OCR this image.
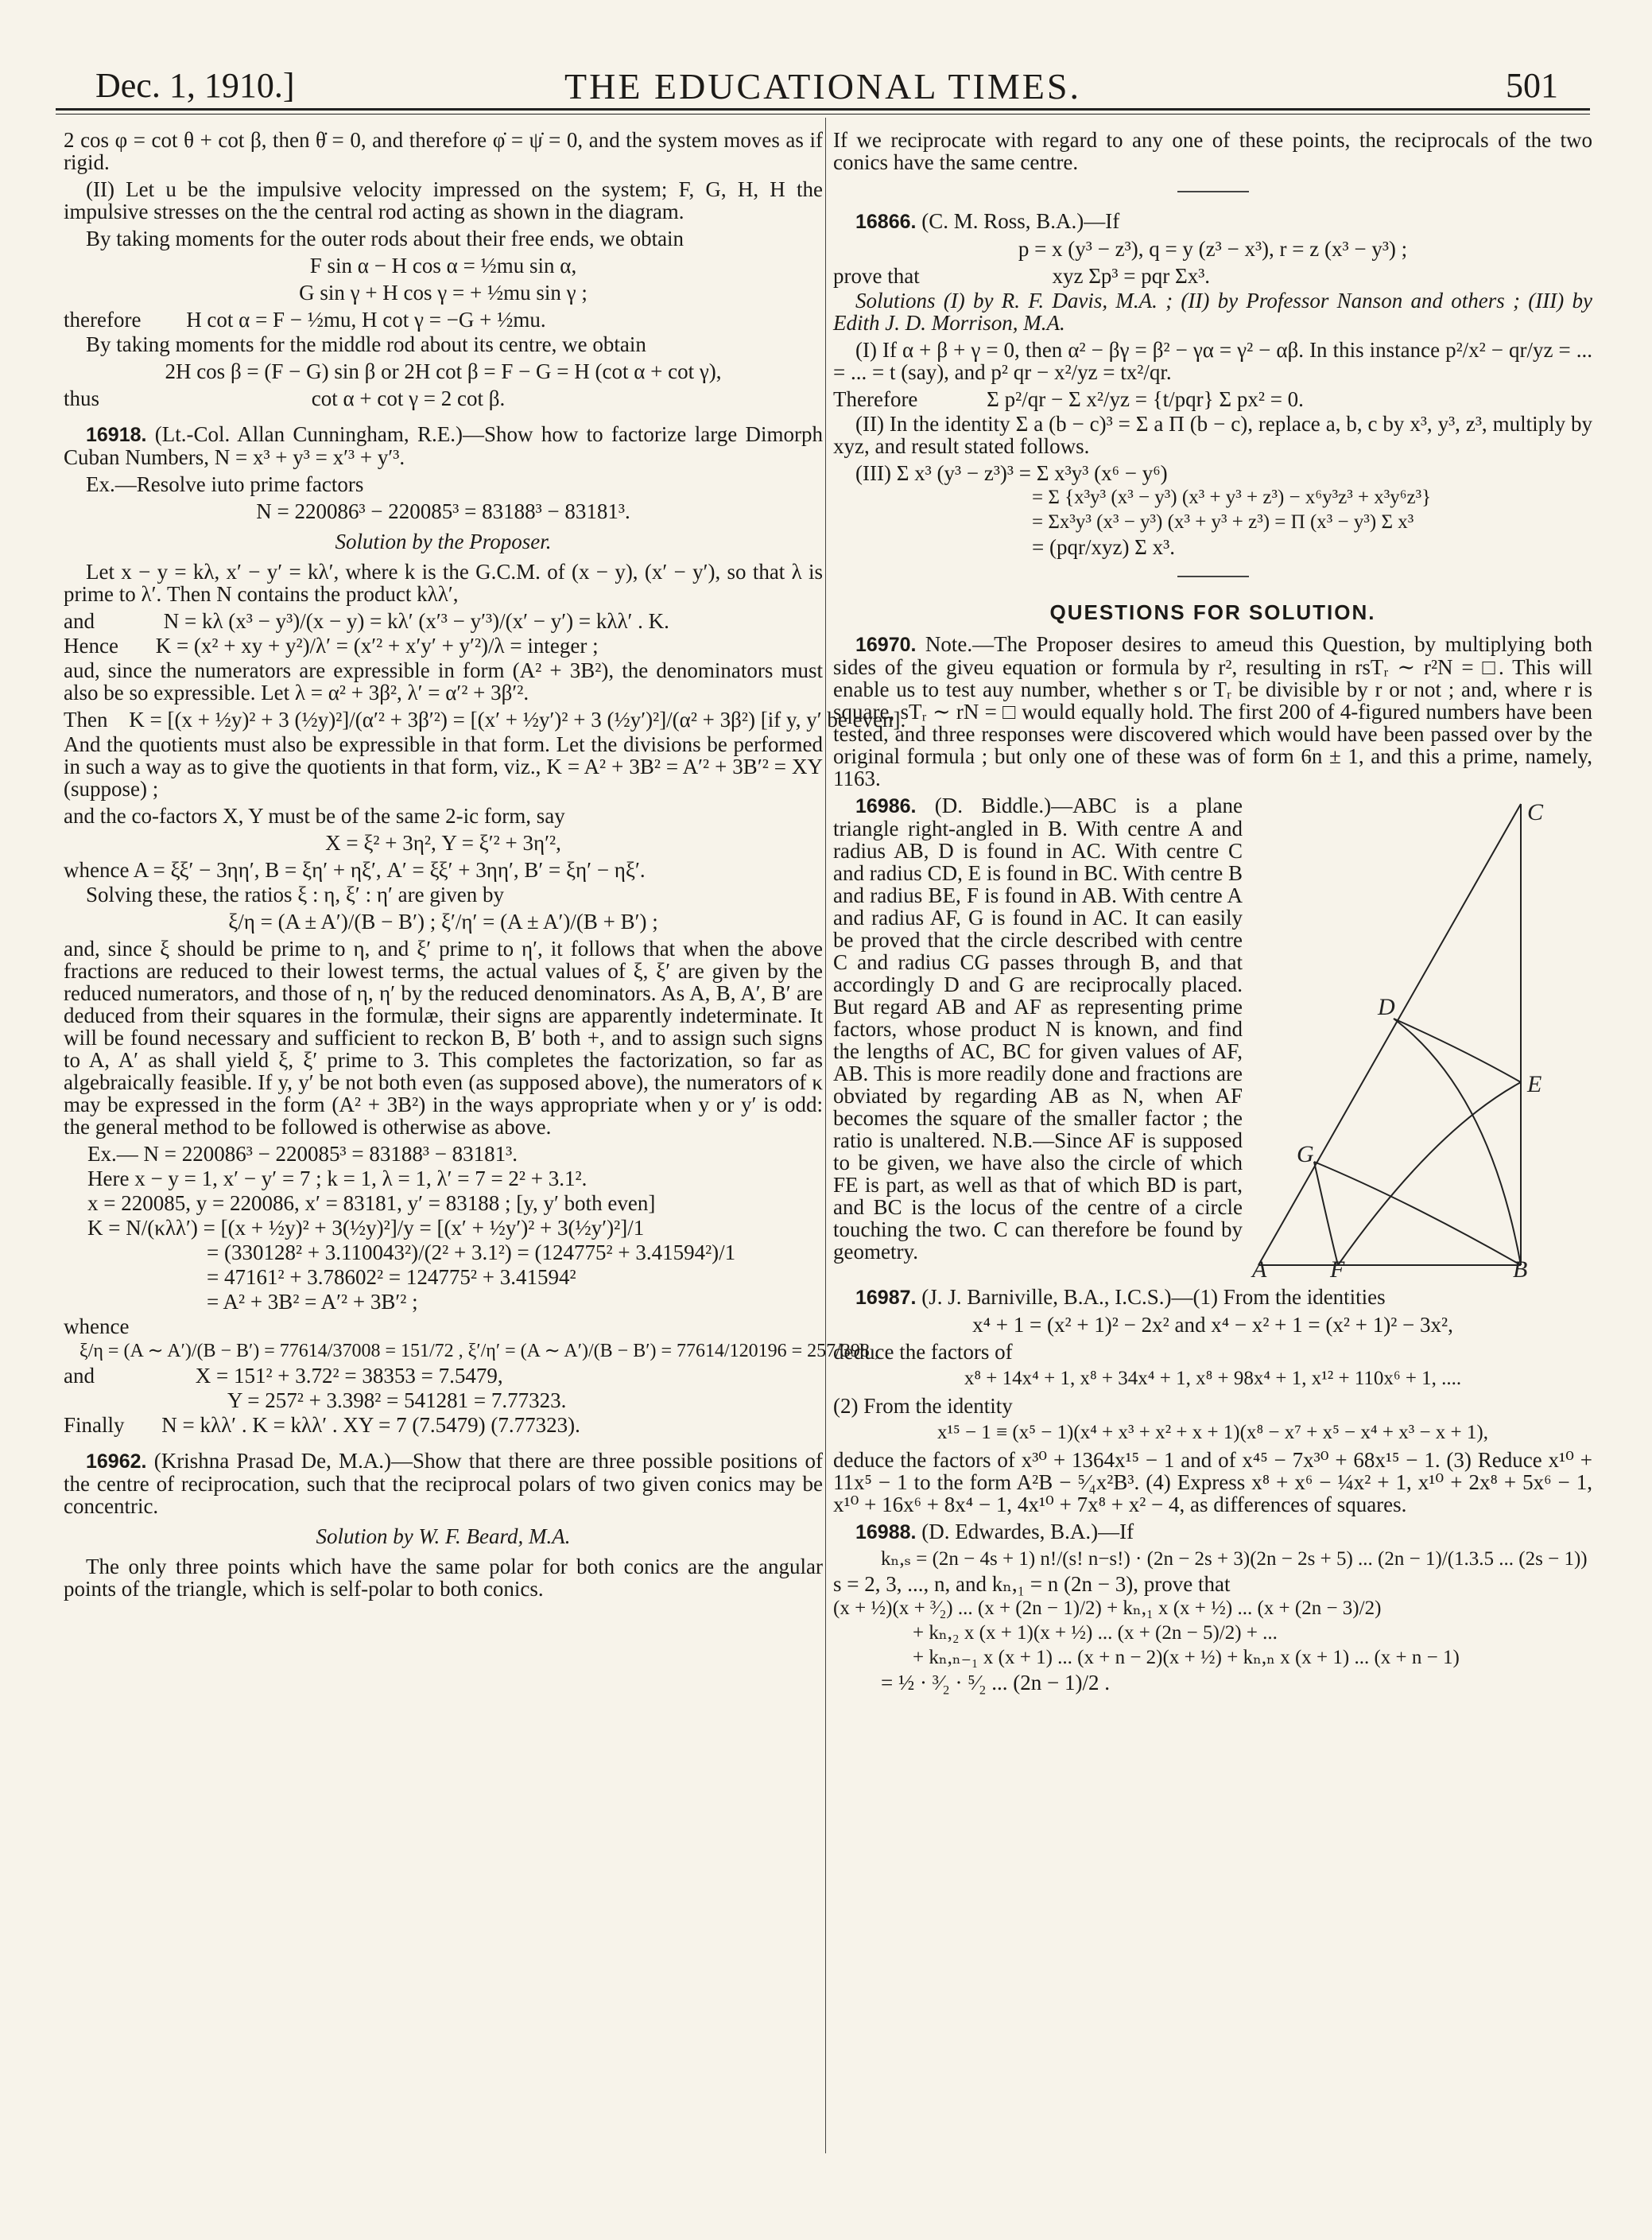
Dec. 1, 1910.]	THE EDUCATIONAL TIMES.	501

2 cos φ = cot θ + cot β, then θ̇ = 0, and therefore φ̇ = ψ̇ = 0, and the system moves as if rigid.

(II) Let u be the impulsive velocity impressed on the system; F, G, H, H the impulsive stresses on the the central rod acting as shown in the diagram.

By taking moments for the outer rods about their free ends, we obtain

F sin α − H cos α = ½mu sin α,
G sin γ + H cos γ = + ½mu sin γ ;
therefore H cot α = F − ½mu, H cot γ = −G + ½mu.

By taking moments for the middle rod about its centre, we obtain

2H cos β = (F − G) sin β or 2H cot β = F − G = H (cot α + cot γ),
thus	cot α + cot γ = 2 cot β.

16918. (Lt.-Col. Allan Cunningham, R.E.)—Show how to factorize large Dimorph Cuban Numbers, N = x³ + y³ = x′³ + y′³.

Ex.—Resolve iuto prime factors

N = 220086³ − 220085³ = 83188³ − 83181³.
Solution by the Proposer.

Let x − y = kλ, x′ − y′ = kλ′, where k is the G.C.M. of (x − y), (x′ − y′), so that λ is prime to λ′. Then N contains the product kλλ′,

and	N = kλ (x³ − y³)/(x − y) = kλ′ (x′³ − y′³)/(x′ − y′) = kλλ′ . K.
Hence K = (x² + xy + y²)/λ′ = (x′² + x′y′ + y′²)/λ = integer ;

aud, since the numerators are expressible in form (A² + 3B²), the denominators must also be so expressible. Let λ = α² + 3β², λ′ = α′² + 3β′².

Then K = [(x + ½y)² + 3 (½y)²]/(α′² + 3β′²) = [(x′ + ½y′)² + 3 (½y′)²]/(α² + 3β²) [if y, y′ be even].

And the quotients must also be expressible in that form. Let the divisions be performed in such a way as to give the quotients in that form, viz., K = A² + 3B² = A′² + 3B′² = XY (suppose) ;

and the co-factors X, Y must be of the same 2-ic form, say

X = ξ² + 3η², Y = ξ′² + 3η′²,
whence A = ξξ′ − 3ηη′, B = ξη′ + ηξ′, A′ = ξξ′ + 3ηη′, B′ = ξη′ − ηξ′.

Solving these, the ratios ξ : η, ξ′ : η′ are given by

ξ/η = (A ± A′)/(B − B′) ; ξ′/η′ = (A ± A′)/(B + B′) ;

and, since ξ should be prime to η, and ξ′ prime to η′, it follows that when the above fractions are reduced to their lowest terms, the actual values of ξ, ξ′ are given by the reduced numerators, and those of η, η′ by the reduced denominators. As A, B, A′, B′ are deduced from their squares in the formulæ, their signs are apparently indeterminate. It will be found necessary and sufficient to reckon B, B′ both +, and to assign such signs to A, A′ as shall yield ξ, ξ′ prime to 3. This completes the factorization, so far as algebraically feasible. If y, y′ be not both even (as supposed above), the numerators of κ may be expressed in the form (A² + 3B²) in the ways appropriate when y or y′ is odd: the general method to be followed is otherwise as above.

Ex.— N = 220086³ − 220085³ = 83188³ − 83181³.
Here x − y = 1, x′ − y′ = 7 ; k = 1, λ = 1, λ′ = 7 = 2² + 3.1².
x = 220085, y = 220086, x′ = 83181, y′ = 83188 ; [y, y′ both even]
K = N/(κλλ′) = [(x + ½y)² + 3(½y)²]/y = [(x′ + ½y′)² + 3(½y′)²]/1
= (330128² + 3.110043²)/(2² + 3.1²) = (124775² + 3.41594²)/1
= 47161² + 3.78602² = 124775² + 3.41594²
= A² + 3B² = A′² + 3B′² ;
whence
ξ/η = (A ∼ A′)/(B − B′) = 77614/37008 = 151/72 , ξ′/η′ = (A ∼ A′)/(B − B′) = 77614/120196 = 257/398 ,
and	X = 151² + 3.72² = 38353 = 7.5479,
Y = 257² + 3.398² = 541281 = 7.77323.
Finally N = kλλ′ . K = kλλ′ . XY = 7 (7.5479) (7.77323).

16962. (Krishna Prasad De, M.A.)—Show that there are three possible positions of the centre of reciprocation, such that the reciprocal polars of two given conics may be concentric.

Solution by W. F. Beard, M.A.

The only three points which have the same polar for both conics are the angular points of the triangle, which is self-polar to both conics.

If we reciprocate with regard to any one of these points, the reciprocals of the two conics have the same centre.

16866. (C. M. Ross, B.A.)—If

p = x (y³ − z³), q = y (z³ − x³), r = z (x³ − y³) ;
prove that	xyz Σp³ = pqr Σx³.

Solutions (I) by R. F. Davis, M.A. ; (II) by Professor Nanson and others ; (III) by Edith J. D. Morrison, M.A.

(I) If α + β + γ = 0, then α² − βγ = β² − γα = γ² − αβ. In this instance p²/x² − qr/yz = ... = ... = t (say), and p² qr − x²/yz = tx²/qr.

Therefore	Σ p²/qr − Σ x²/yz = {t/pqr} Σ px² = 0.

(II) In the identity Σ a (b − c)³ = Σ a Π (b − c), replace a, b, c by x³, y³, z³, multiply by xyz, and result stated follows.

(III) Σ x³ (y³ − z³)³ = Σ x³y³ (x⁶ − y⁶)
= Σ {x³y³ (x³ − y³) (x³ + y³ + z³) − x⁶y³z³ + x³y⁶z³}
= Σx³y³ (x³ − y³) (x³ + y³ + z³) = Π (x³ − y³) Σ x³
= (pqr/xyz) Σ x³.
QUESTIONS FOR SOLUTION.

16970. Note.—The Proposer desires to ameud this Question, by multiplying both sides of the giveu equation or formula by r², resulting in rsTᵣ ∼ r²N = □. This will enable us to test auy number, whether s or Tᵣ be divisible by r or not ; and, where r is square, sTᵣ ∼ rN = □ would equally hold. The first 200 of 4-figured numbers have been tested, and three responses were discovered which would have been passed over by the original formula ; but only one of these was of form 6n ± 1, and this a prime, namely, 1163.

A	F	B
G
D
E
C

16986. (D. Biddle.)—ABC is a plane triangle right-angled in B. With centre A and radius AB, D is found in AC. With centre C and radius CD, E is found in BC. With centre B and radius BE, F is found in AB. With centre A and radius AF, G is found in AC. It can easily be proved that the circle described with centre C and radius CG passes through B, and that accordingly D and G are reciprocally placed. But regard AB and AF as representing prime factors, whose product N is known, and find the lengths of AC, BC for given values of AF, AB. This is more readily done and fractions are obviated by regarding AB as N, when AF becomes the square of the smaller factor ; the ratio is unaltered. N.B.—Since AF is supposed to be given, we have also the circle of which FE is part, as well as that of which BD is part, and BC is the locus of the centre of a circle touching the two. C can therefore be found by geometry.

16987. (J. J. Barniville, B.A., I.C.S.)—(1) From the identities

x⁴ + 1 = (x² + 1)² − 2x² and x⁴ − x² + 1 = (x² + 1)² − 3x²,

deduce the factors of

x⁸ + 14x⁴ + 1, x⁸ + 34x⁴ + 1, x⁸ + 98x⁴ + 1, x¹² + 110x⁶ + 1, ....

(2) From the identity

x¹⁵ − 1 ≡ (x⁵ − 1)(x⁴ + x³ + x² + x + 1)(x⁸ − x⁷ + x⁵ − x⁴ + x³ − x + 1),

deduce the factors of x³⁰ + 1364x¹⁵ − 1 and of x⁴⁵ − 7x³⁰ + 68x¹⁵ − 1. (3) Reduce x¹⁰ + 11x⁵ − 1 to the form A²B − ⁵⁄₄x²B³. (4) Express x⁸ + x⁶ − ¼x² + 1, x¹⁰ + 2x⁸ + 5x⁶ − 1, x¹⁰ + 16x⁶ + 8x⁴ − 1, 4x¹⁰ + 7x⁸ + x² − 4, as differences of squares.

16988. (D. Edwardes, B.A.)—If

kₙ,ₛ = (2n − 4s + 1) n!/(s! n−s!) · (2n − 2s + 3)(2n − 2s + 5) ... (2n − 1)/(1.3.5 ... (2s − 1))
s = 2, 3, ..., n, and kₙ,₁ = n (2n − 3), prove that
(x + ½)(x + ³⁄₂) ... (x + (2n − 1)/2) + kₙ,₁ x (x + ½) ... (x + (2n − 3)/2)
+ kₙ,₂ x (x + 1)(x + ½) ... (x + (2n − 5)/2) + ...
+ kₙ,ₙ₋₁ x (x + 1) ... (x + n − 2)(x + ½) + kₙ,ₙ x (x + 1) ... (x + n − 1)
= ½ · ³⁄₂ · ⁵⁄₂ ... (2n − 1)/2 .
